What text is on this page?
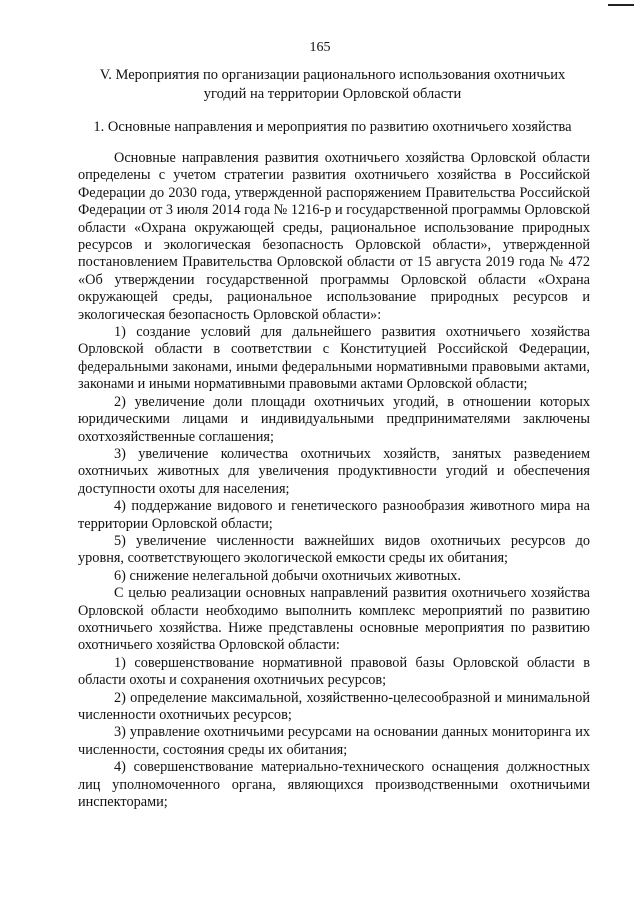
165
V. Мероприятия по организации рационального использования охотничьих угодий на территории Орловской области
1. Основные направления и мероприятия по развитию охотничьего хозяйства

Основные направления развития охотничьего хозяйства Орловской области определены с учетом стратегии развития охотничьего хозяйства в Российской Федерации до 2030 года, утвержденной распоряжением Правительства Российской Федерации от 3 июля 2014 года № 1216-р и государственной программы Орловской области «Охрана окружающей среды, рациональное использование природных ресурсов и экологическая безопасность Орловской области», утвержденной постановлением Правительства Орловской области от 15 августа 2019 года № 472 «Об утверждении государственной программы Орловской области «Охрана окружающей среды, рациональное использование природных ресурсов и экологическая безопасность Орловской области»:

1) создание условий для дальнейшего развития охотничьего хозяйства Орловской области в соответствии с Конституцией Российской Федерации, федеральными законами, иными федеральными нормативными правовыми актами, законами и иными нормативными правовыми актами Орловской области;

2) увеличение доли площади охотничьих угодий, в отношении которых юридическими лицами и индивидуальными предпринимателями заключены охотхозяйственные соглашения;

3) увеличение количества охотничьих хозяйств, занятых разведением охотничьих животных для увеличения продуктивности угодий и обеспечения доступности охоты для населения;

4) поддержание видового и генетического разнообразия животного мира на территории Орловской области;

5) увеличение численности важнейших видов охотничьих ресурсов до уровня, соответствующего экологической емкости среды их обитания;

6) снижение нелегальной добычи охотничьих животных.

С целью реализации основных направлений развития охотничьего хозяйства Орловской области необходимо выполнить комплекс мероприятий по развитию охотничьего хозяйства. Ниже представлены основные мероприятия по развитию охотничьего хозяйства Орловской области:

1) совершенствование нормативной правовой базы Орловской области в области охоты и сохранения охотничьих ресурсов;

2) определение максимальной, хозяйственно-целесообразной и минимальной численности охотничьих ресурсов;

3) управление охотничьими ресурсами на основании данных мониторинга их численности, состояния среды их обитания;

4) совершенствование материально-технического оснащения должностных лиц уполномоченного органа, являющихся производственными охотничьими инспекторами;
